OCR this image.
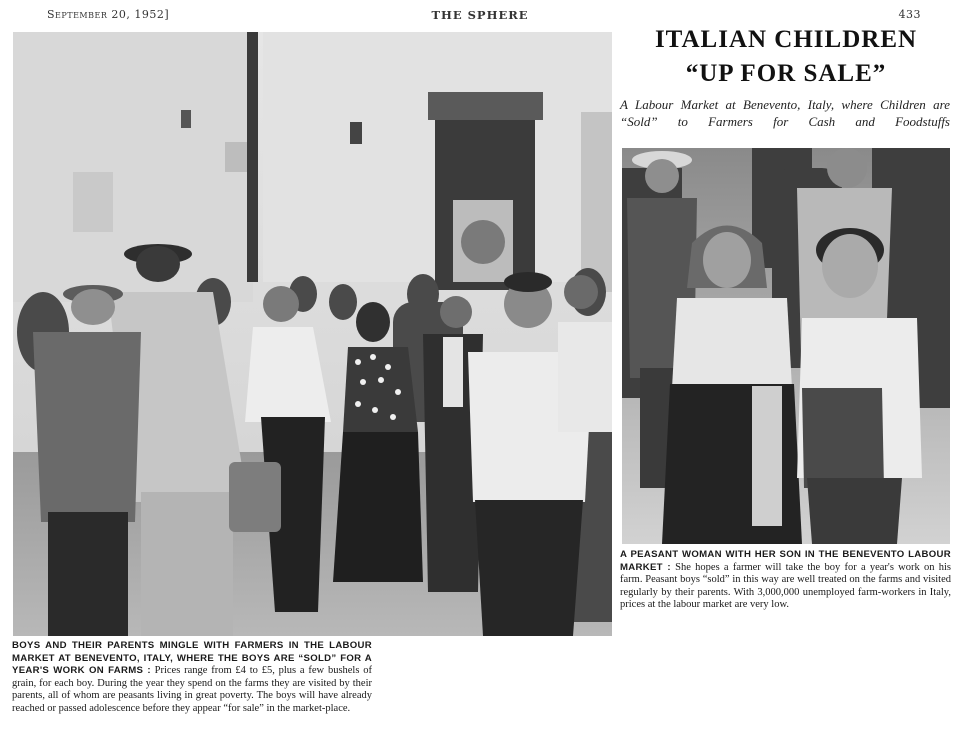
September 20, 1952]	THE SPHERE	433
ITALIAN CHILDREN
“UP FOR SALE”
A Labour Market at Benevento, Italy, where Children are “Sold” to Farmers for Cash and Foodstuffs
A PEASANT WOMAN WITH HER SON IN THE BENEVENTO LABOUR MARKET : She hopes a farmer will take the boy for a year's work on his farm. Peasant boys “sold” in this way are well treated on the farms and visited regularly by their parents. With 3,000,000 unemployed farm-workers in Italy, prices at the labour market are very low.
BOYS AND THEIR PARENTS MINGLE WITH FARMERS IN THE LABOUR MARKET AT BENEVENTO, ITALY, WHERE THE BOYS ARE “SOLD” FOR A YEAR'S WORK ON FARMS : Prices range from £4 to £5, plus a few bushels of grain, for each boy. During the year they spend on the farms they are visited by their parents, all of whom are peasants living in great poverty. The boys will have already reached or passed adolescence before they appear “for sale” in the market-place.
